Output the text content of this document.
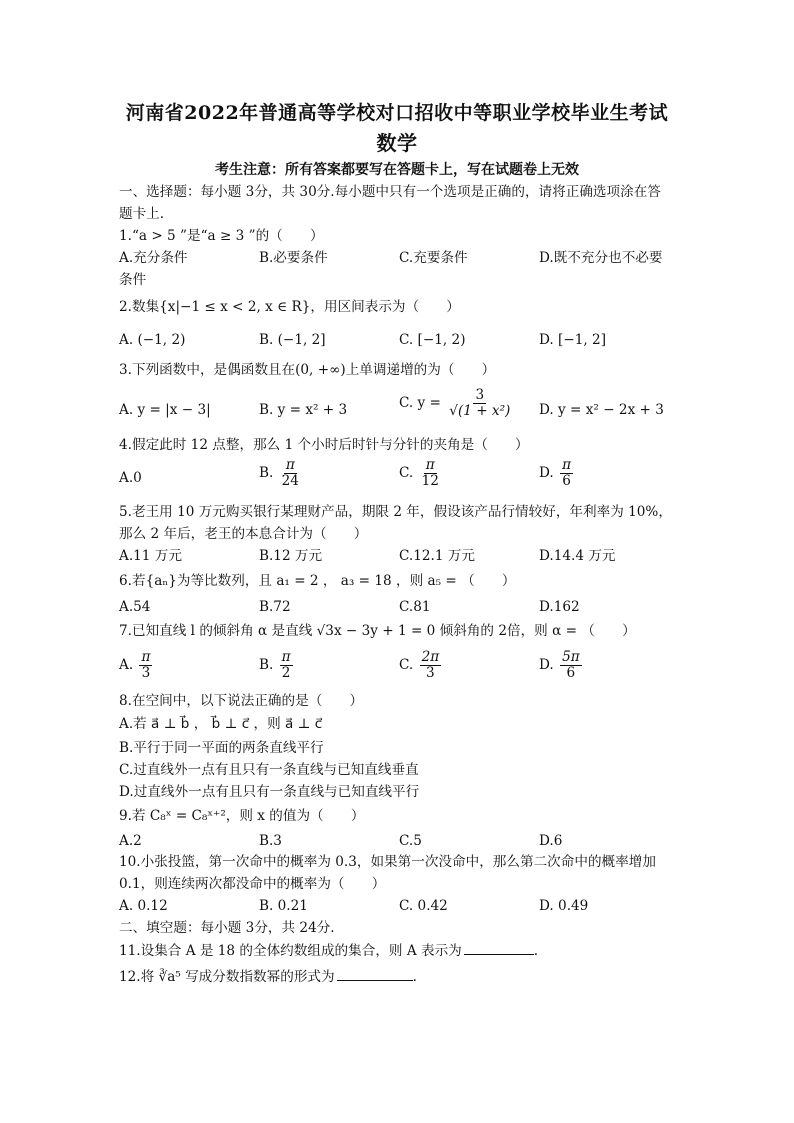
河南省2022年普通高等学校对口招收中等职业学校毕业生考试
数学
考生注意：所有答案都要写在答题卡上，写在试题卷上无效
一、选择题：每小题 3分，共 30分.每小题中只有一个选项是正确的，请将正确选项涂在答
题卡上.
1.“a > 5 ”是“a ≥ 3 ”的（　　）
A.充分条件	B.必要条件	C.充要条件	D.既不充分也不必要
条件
2.数集{x|−1 ≤ x < 2, x ∈ R}，用区间表示为（　　）
A. (−1, 2)	B. (−1, 2]	C. [−1, 2)	D. [−1, 2]
3.下列函数中，是偶函数且在(0, +∞)上单调递增的为（　　）
A. y = |x − 3|	B. y = x² + 3	C. $y = \frac{3}{\text{√(1 + x²)}} D$. y = x² − 2x + 3
4.假定此时 12 点整，那么 1 个小时后时针与分针的夹角是（　　）
A.0	B. $\frac{\pi}{24}$	C. $\frac{\pi}{12}$	D. $\frac{\pi}{6}$
5.老王用 10 万元购买银行某理财产品，期限 2 年，假设该产品行情较好，年利率为 10%，
那么 2 年后，老王的本息合计为（　　）
A.11 万元	B.12 万元	C.12.1 万元	D.14.4 万元
6.若{aₙ}为等比数列，且 a₁ = 2 ， a₃ = 18 ，则 a₅ = （　　）
A.54	B.72	C.81	D.162
7.已知直线 l 的倾斜角 α 是直线 √3x − 3y + 1 = 0 倾斜角的 2倍，则 α = （　　）
A. $\frac{\pi}{3}$	B. $\frac{\pi}{2}$	C. $\frac{2\pi}{3}$	D. $\frac{5\pi}{6}$
8.在空间中，以下说法正确的是（　　）
A.若 a⃗ ⊥ b⃗ ， b⃗ ⊥ c⃗ ，则 a⃗ ⊥ c⃗
B.平行于同一平面的两条直线平行
C.过直线外一点有且只有一条直线与已知直线垂直
D.过直线外一点有且只有一条直线与已知直线平行
9.若 C₈ˣ = C₈ˣ⁺²，则 x 的值为（　　）
A.2	B.3	C.5	D.6
10.小张投篮，第一次命中的概率为 0.3，如果第一次没命中，那么第二次命中的概率增加
0.1，则连续两次都没命中的概率为（　　）
A. 0.12	B. 0.21	C. 0.42	D. 0.49
二、填空题：每小题 3分，共 24分.
11.设集合 A 是 18 的全体约数组成的集合，则 A 表示为	.
12.将 ∛a⁵ 写成分数指数幂的形式为	.
